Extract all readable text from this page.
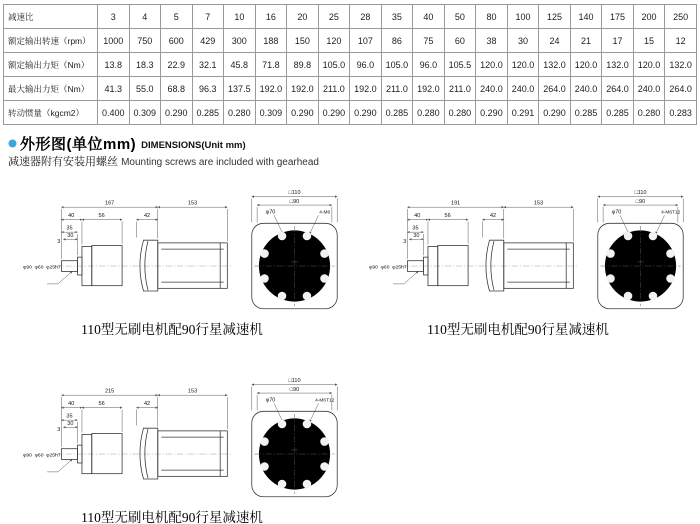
减速比	3	4	5	7	10	16	20	25	28	35	40	50	80	100	125	140	175	200	250
额定输出转速（rpm）	1000	750	600	429	300	188	150	120	107	86	75	60	38	30	24	21	17	15	12
额定输出力矩（Nm）	13.8	18.3	22.9	32.1	45.8	71.8	89.8	105.0	96.0	105.0	96.0	105.5	120.0	120.0	132.0	120.0	132.0	120.0	132.0
最大输出力矩（Nm）	41.3	55.0	68.8	96.3	137.5	192.0	192.0	211.0	192.0	211.0	192.0	211.0	240.0	240.0	264.0	240.0	264.0	240.0	264.0
转动惯量（kgcm2）	0.400	0.309	0.290	0.285	0.280	0.309	0.290	0.290	0.290	0.285	0.280	0.280	0.290	0.291	0.290	0.285	0.285	0.280	0.283
外形图(单位mm) DIMENSIONS(Unit mm)
减速器附有安装用螺丝 Mounting screws are included with gearhead
167	153
40	56	42
35
30
3
φ90 φ60 φ25h7
□110
□90
φ70	4-M6
110型无刷电机配90行星减速机
191	153
40	56	42
35
30
3
φ90 φ60 φ25h7
□110
□90
φ70	4-M6T12
110型无刷电机配90行星减速机
215	153
40	56	42
35
30
3
φ90 φ60 φ25h7
□110
□90
φ70	4-M6T12
110型无刷电机配90行星减速机
